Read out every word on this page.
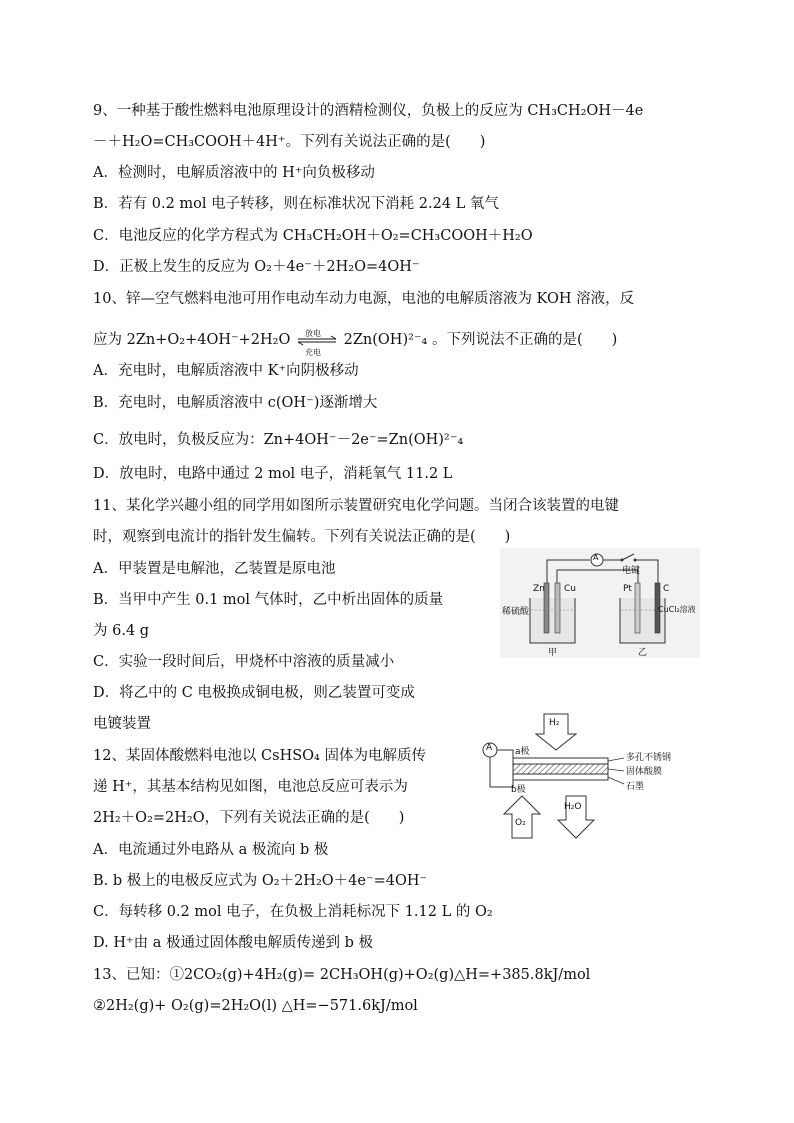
9、一种基于酸性燃料电池原理设计的酒精检测仪，负极上的反应为 CH₃CH₂OH－4e
－＋H₂O=CH₃COOH＋4H⁺。下列有关说法正确的是(　　)
A．检测时，电解质溶液中的 H⁺向负极移动
B．若有 0.2 mol 电子转移，则在标准状况下消耗 2.24 L 氧气
C．电池反应的化学方程式为 CH₃CH₂OH＋O₂=CH₃COOH＋H₂O
D．正极上发生的反应为 O₂＋4e⁻＋2H₂O=4OH⁻
10、锌—空气燃料电池可用作电动车动力电源，电池的电解质溶液为 KOH 溶液，反
应为 2Zn+O₂+4OH⁻+2H₂O 放电
充电
2Zn(OH)²⁻₄ 。下列说法不正确的是(　　)
A．充电时，电解质溶液中 K⁺向阴极移动
B．充电时，电解质溶液中 c(OH⁻)逐渐增大
C．放电时，负极反应为：Zn+4OH⁻－2e⁻=Zn(OH)²⁻₄
D．放电时，电路中通过 2 mol 电子，消耗氧气 11.2 L
11、某化学兴趣小组的同学用如图所示装置研究电化学问题。当闭合该装置的电键
时，观察到电流计的指针发生偏转。下列有关说法正确的是(　　)
A．甲装置是电解池，乙装置是原电池
B．当甲中产生 0.1 mol 气体时，乙中析出固体的质量
为 6.4 g
C．实验一段时间后，甲烧杯中溶液的质量减小
D．将乙中的 C 电极换成铜电极，则乙装置可变成
电镀装置
A
电键
Zn Cu	Pt	C
稀硫酸	CuCl₂溶液
甲	乙
12、某固体酸燃料电池以 CsHSO₄ 固体为电解质传
递 H⁺，其基本结构见如图，电池总反应可表示为
2H₂＋O₂=2H₂O，下列有关说法正确的是(　　)
A．电流通过外电路从 a 极流向 b 极
B. b 极上的电极反应式为 O₂＋2H₂O＋4e⁻=4OH⁻
C．每转移 0.2 mol 电子，在负极上消耗标况下 1.12 L 的 O₂
D. H⁺由 a 极通过固体酸电解质传递到 b 极
H₂
A	a极
b极
多孔不锈钢
固体酸膜
石墨
O₂
H₂O
13、已知：①2CO₂(g)+4H₂(g)= 2CH₃OH(g)+O₂(g)△H=+385.8kJ/mol
②2H₂(g)+ O₂(g)=2H₂O(l) △H=−571.6kJ/mol
